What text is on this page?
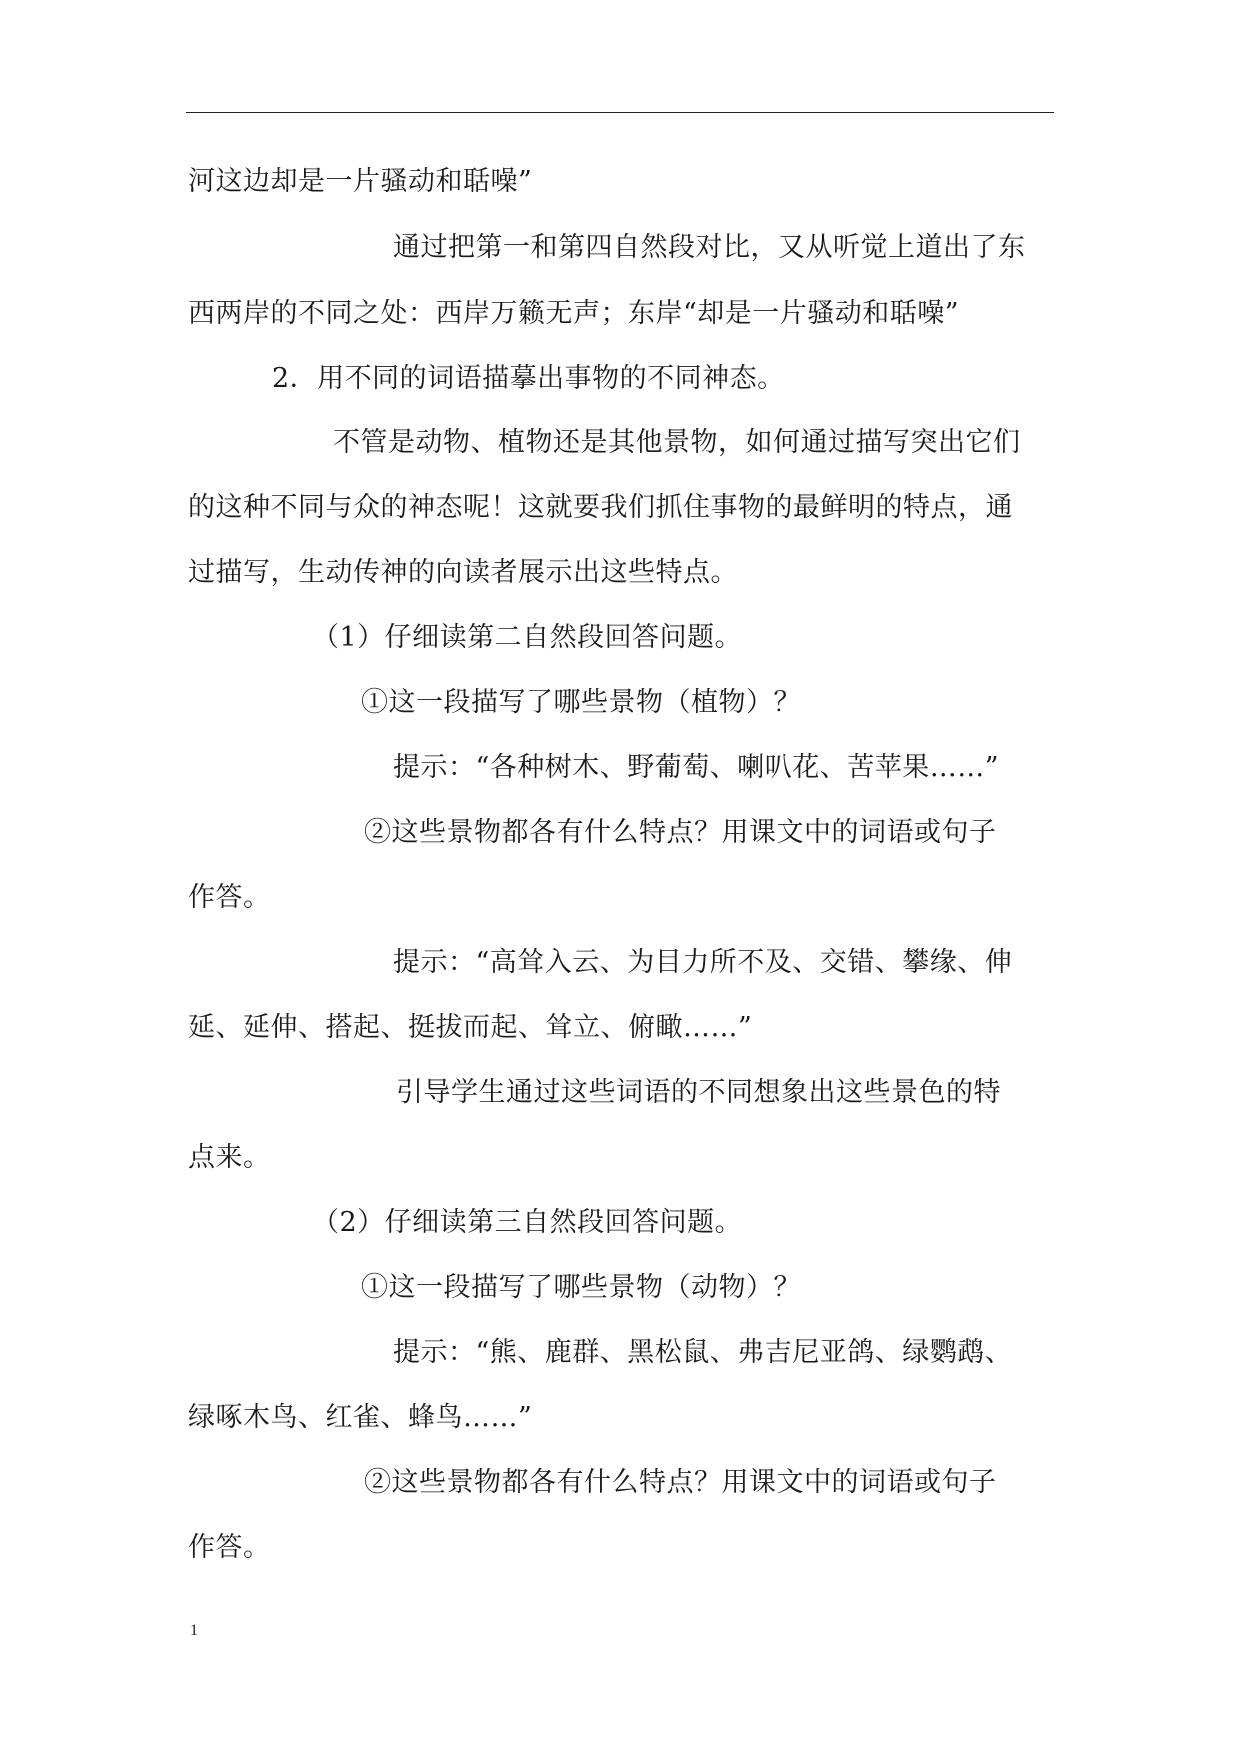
河这边却是一片骚动和聒噪”
通过把第一和第四自然段对比，又从听觉上道出了东
西两岸的不同之处：西岸万籁无声；东岸“却是一片骚动和聒噪”
2．用不同的词语描摹出事物的不同神态。
不管是动物、植物还是其他景物，如何通过描写突出它们
的这种不同与众的神态呢！这就要我们抓住事物的最鲜明的特点，通
过描写，生动传神的向读者展示出这些特点。
（1）仔细读第二自然段回答问题。
①这一段描写了哪些景物（植物）？
提示：“各种树木、野葡萄、喇叭花、苦苹果……”
②这些景物都各有什么特点？用课文中的词语或句子
作答。
提示：“高耸入云、为目力所不及、交错、攀缘、伸
延、延伸、搭起、挺拔而起、耸立、俯瞰……”
引导学生通过这些词语的不同想象出这些景色的特
点来。
（2）仔细读第三自然段回答问题。
①这一段描写了哪些景物（动物）？
提示：“熊、鹿群、黑松鼠、弗吉尼亚鸽、绿鹦鹉、
绿啄木鸟、红雀、蜂鸟……”
②这些景物都各有什么特点？用课文中的词语或句子
作答。
1
